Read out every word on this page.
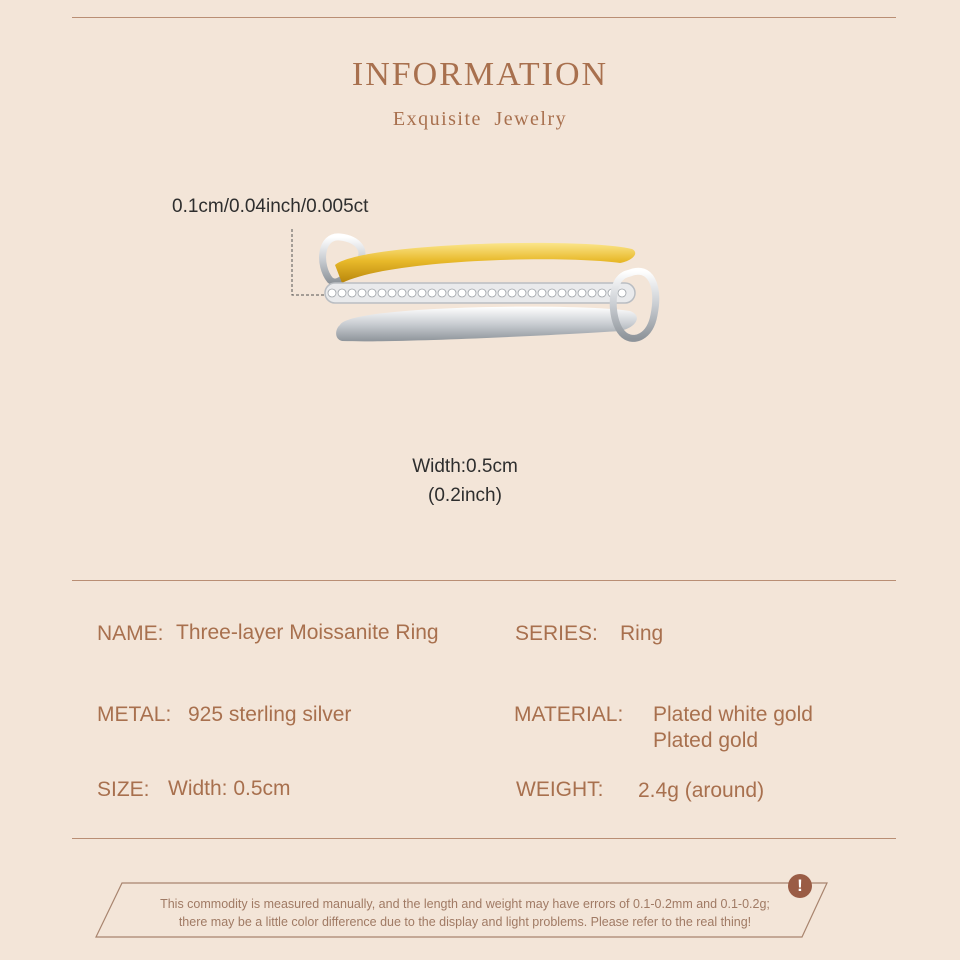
INFORMATION
Exquisite Jewelry
0.1cm/0.04inch/0.005ct
Width:0.5cm
(0.2inch)
NAME: Three-layer Moissanite Ring	SERIES: Ring
METAL: 925 sterling silver	MATERIAL: Plated white gold
Plated gold
SIZE: Width: 0.5cm	WEIGHT: 2.4g (around)
!
This commodity is measured manually, and the length and weight may have errors of 0.1-0.2mm and 0.1-0.2g;
there may be a little color difference due to the display and light problems. Please refer to the real thing!
